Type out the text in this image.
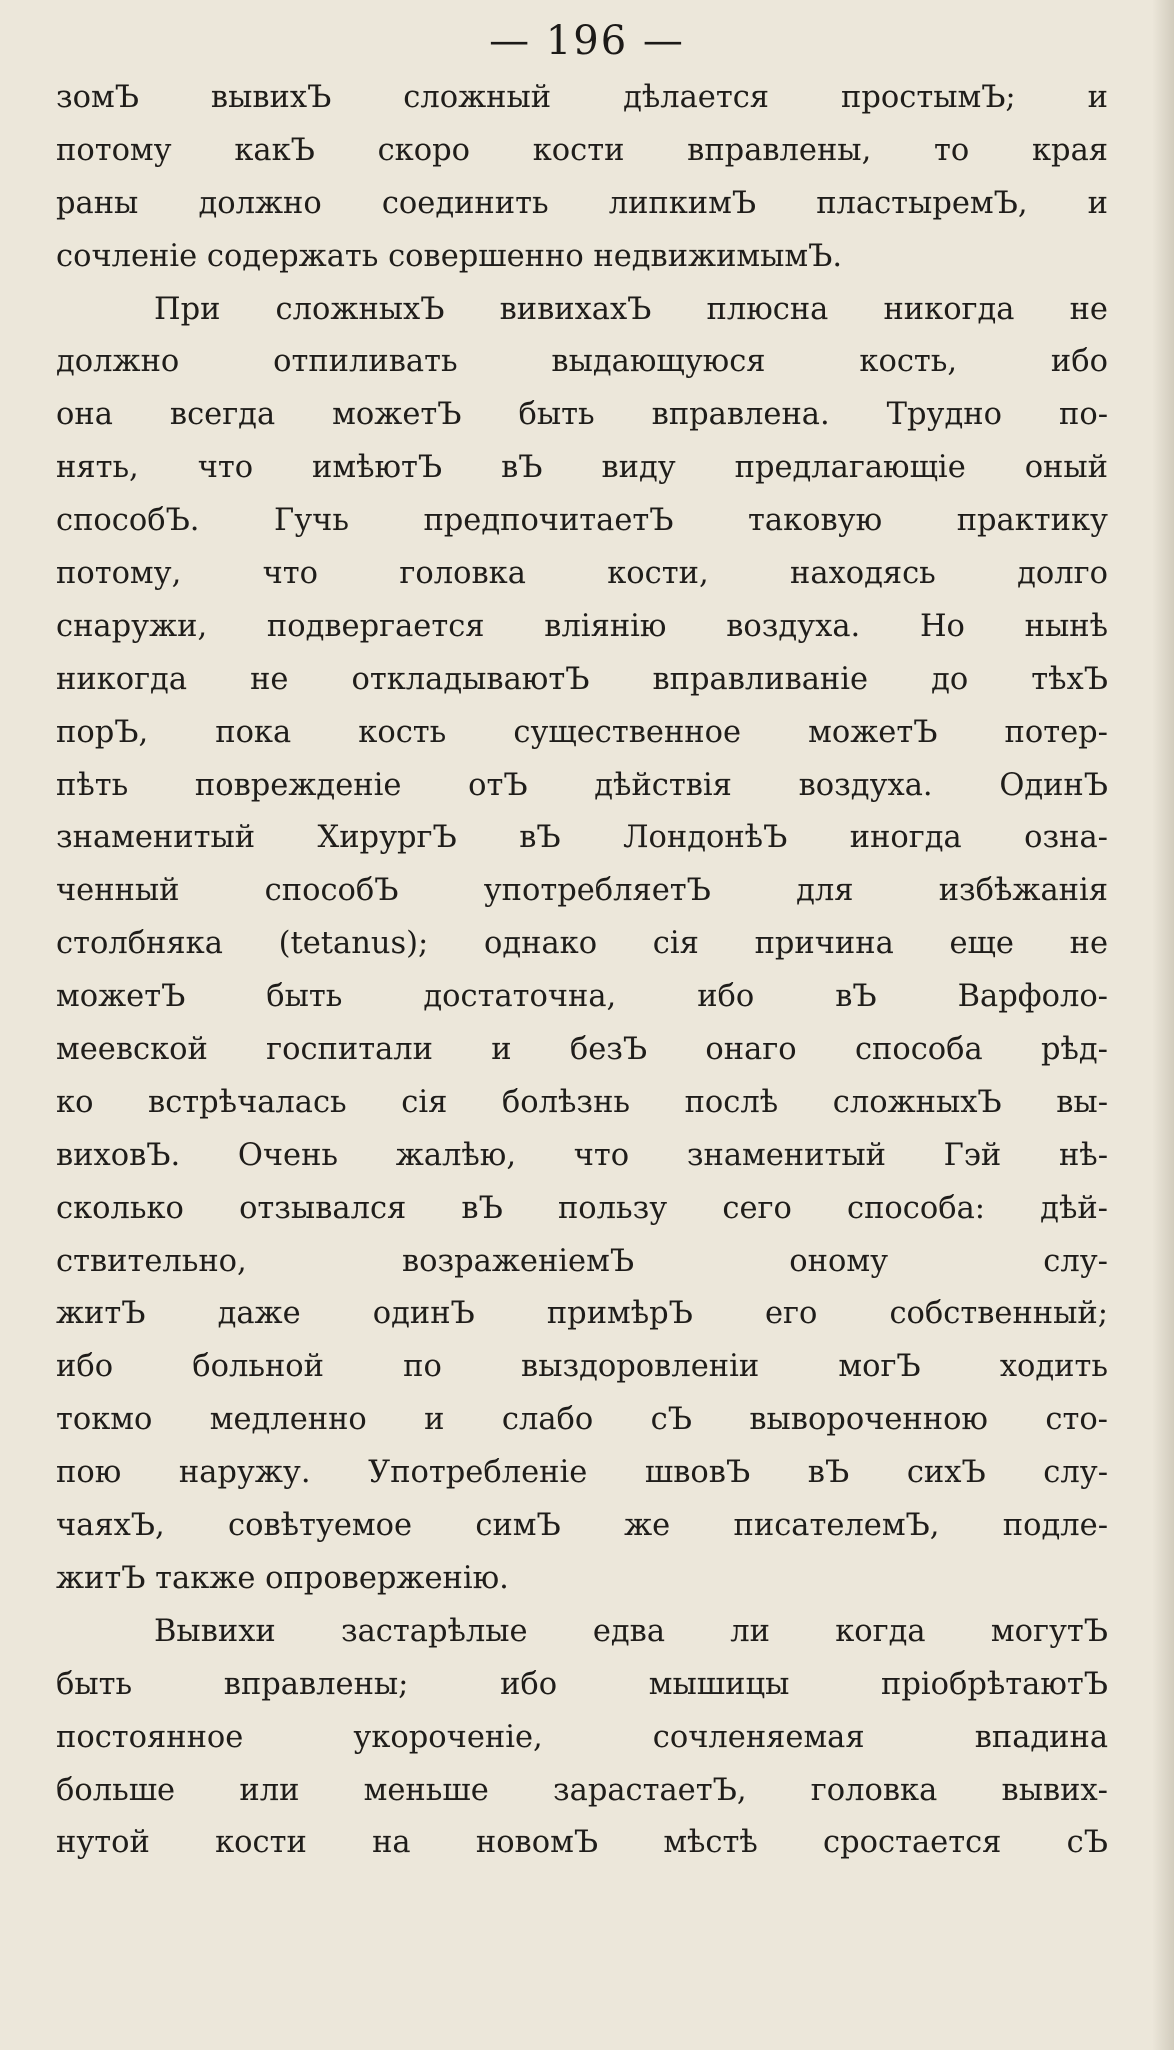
— 196 —
зомЪ вывихЪ сложный дѣлается простымЪ; и
потому какЪ скоро кости вправлены, то края
раны должно соединить липкимЪ пластыремЪ, и
сочленіе содержать совершенно недвижимымЪ.
При сложныхЪ вивихахЪ плюсна никогда не
должно отпиливать выдающуюся кость, ибо
она всегда можетЪ быть вправлена. Трудно по-
нять, что имѣютЪ вЪ виду предлагающіе оный
способЪ. Гучь предпочитаетЪ таковую практику
потому, что головка кости, находясь долго
снаружи, подвергается вліянію воздуха. Но нынѣ
никогда не откладываютЪ вправливаніе до тѣхЪ
порЪ, пока кость существенное можетЪ потер-
пѣть поврежденіе отЪ дѣйствія воздуха. ОдинЪ
знаменитый ХирургЪ вЪ ЛондонѣЪ иногда озна-
ченный способЪ употребляетЪ для избѣжанія
столбняка (tetanus); однако сія причина еще не
можетЪ быть достаточна, ибо вЪ Варфоло-
меевской госпитали и безЪ онаго способа рѣд-
ко встрѣчалась сія болѣзнь послѣ сложныхЪ вы-
виховЪ. Очень жалѣю, что знаменитый Гэй нѣ-
сколько отзывался вЪ пользу сего способа: дѣй-
ствительно, возраженіемЪ оному слу-
житЪ даже одинЪ примѣрЪ его собственный;
ибо больной по выздоровленіи могЪ ходить
токмо медленно и слабо сЪ вывороченною сто-
пою наружу. Употребленіе швовЪ вЪ сихЪ слу-
чаяхЪ, совѣтуемое симЪ же писателемЪ, подле-
житЪ также опроверженію.
Вывихи застарѣлые едва ли когда могутЪ
быть вправлены; ибо мышицы пріобрѣтаютЪ
постоянное укороченіе, сочленяемая впадина
больше или меньше зарастаетЪ, головка вывих-
нутой кости на новомЪ мѣстѣ сростается сЪ
